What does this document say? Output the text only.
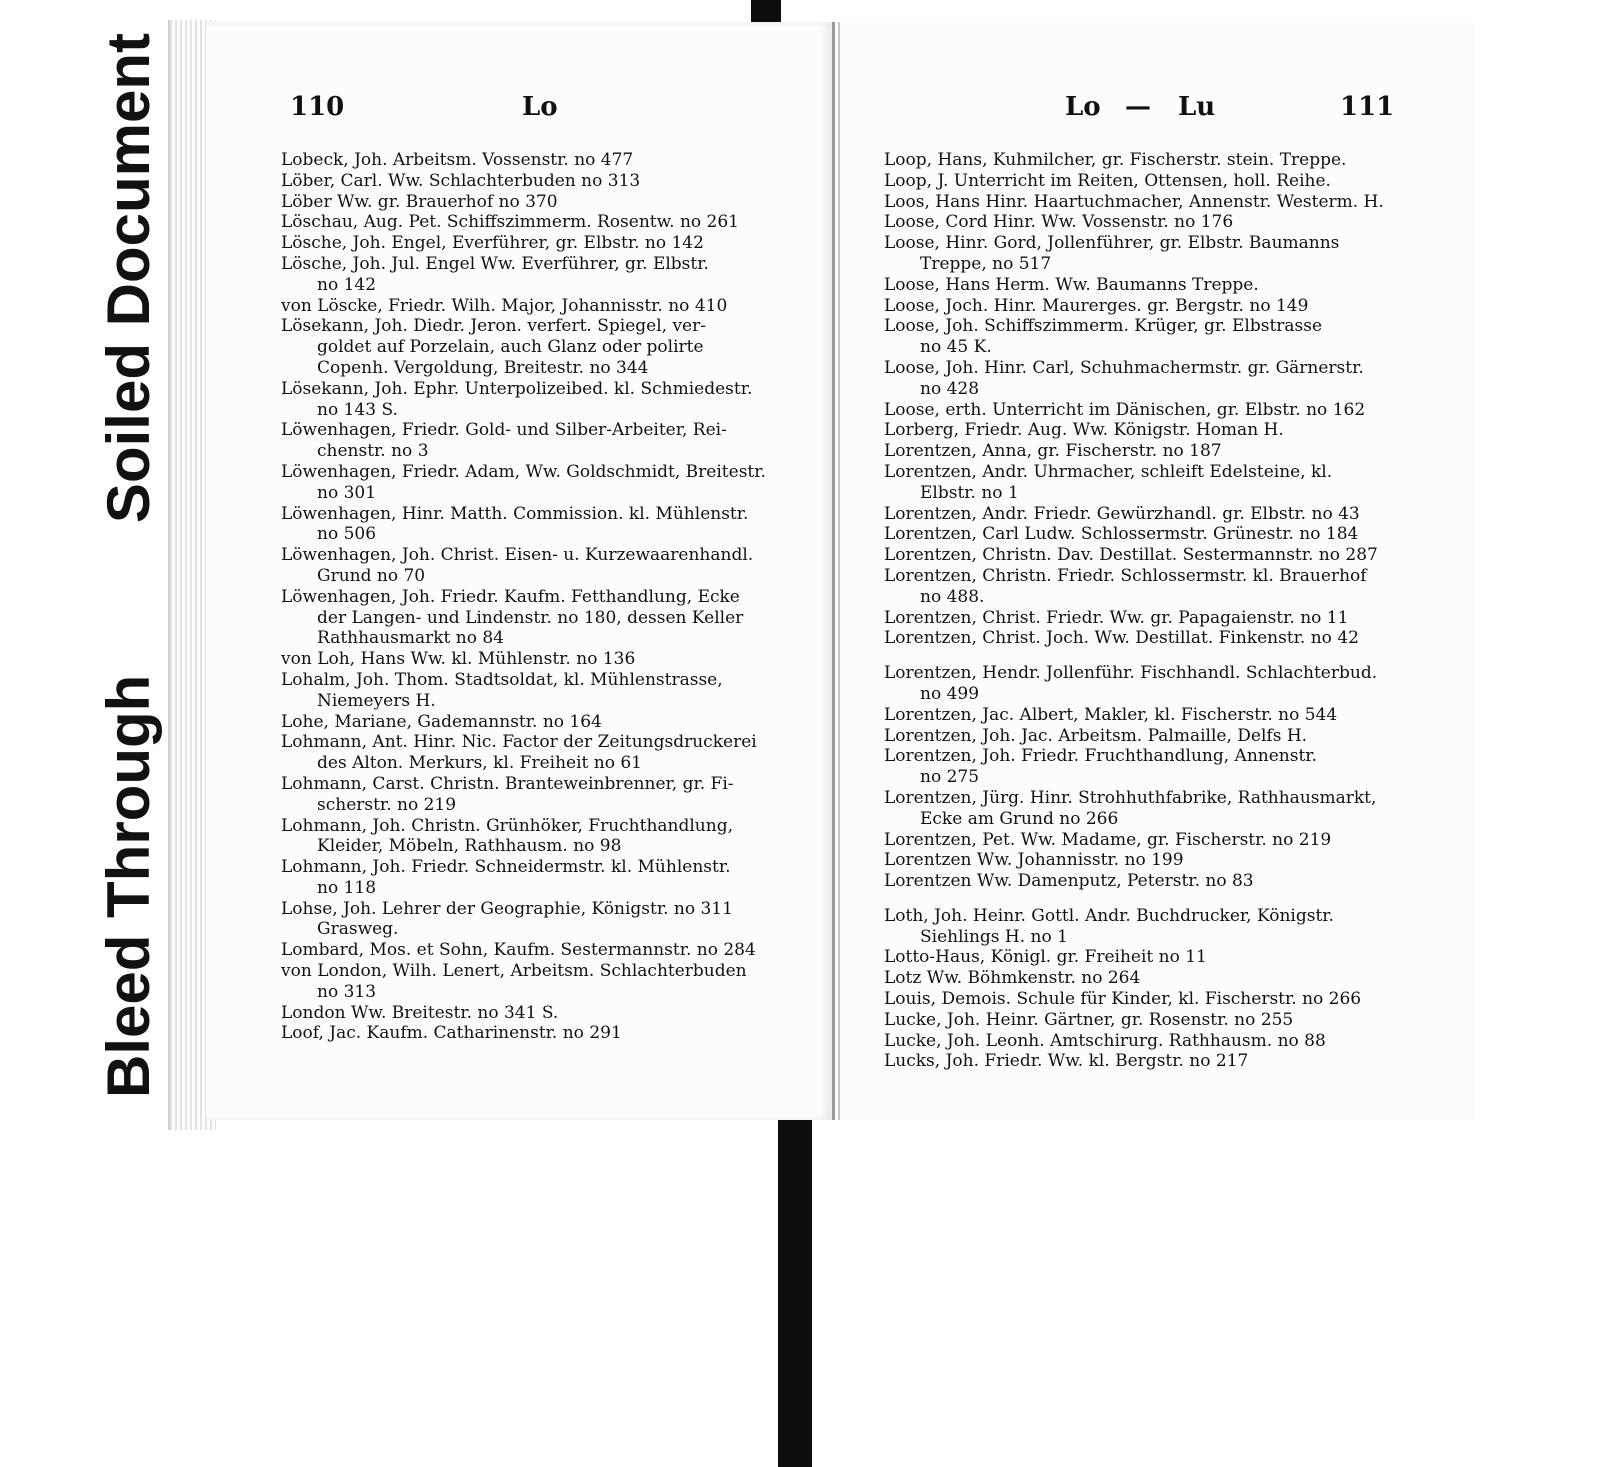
Bleed Through
Soiled Document	110	Lo
Lobeck, Joh. Arbeitsm. Vossenstr. no 477
Löber, Carl. Ww. Schlachterbuden no 313
Löber Ww. gr. Brauerhof no 370
Löschau, Aug. Pet. Schiffszimmerm. Rosentw. no 261
Lösche, Joh. Engel, Everführer, gr. Elbstr. no 142
Lösche, Joh. Jul. Engel Ww. Everführer, gr. Elbstr.
no 142
von Löscke, Friedr. Wilh. Major, Johannisstr. no 410
Lösekann, Joh. Diedr. Jeron. verfert. Spiegel, ver-
goldet auf Porzelain, auch Glanz oder polirte
Copenh. Vergoldung, Breitestr. no 344
Lösekann, Joh. Ephr. Unterpolizeibed. kl. Schmiedestr.
no 143 S.
Löwenhagen, Friedr. Gold- und Silber-Arbeiter, Rei-
chenstr. no 3
Löwenhagen, Friedr. Adam, Ww. Goldschmidt, Breitestr.
no 301
Löwenhagen, Hinr. Matth. Commission. kl. Mühlenstr.
no 506
Löwenhagen, Joh. Christ. Eisen- u. Kurzewaarenhandl.
Grund no 70
Löwenhagen, Joh. Friedr. Kaufm. Fetthandlung, Ecke
der Langen- und Lindenstr. no 180, dessen Keller
Rathhausmarkt no 84
von Loh, Hans Ww. kl. Mühlenstr. no 136
Lohalm, Joh. Thom. Stadtsoldat, kl. Mühlenstrasse,
Niemeyers H.
Lohe, Mariane, Gademannstr. no 164
Lohmann, Ant. Hinr. Nic. Factor der Zeitungsdruckerei
des Alton. Merkurs, kl. Freiheit no 61
Lohmann, Carst. Christn. Branteweinbrenner, gr. Fi-
scherstr. no 219
Lohmann, Joh. Christn. Grünhöker, Fruchthandlung,
Kleider, Möbeln, Rathhausm. no 98
Lohmann, Joh. Friedr. Schneidermstr. kl. Mühlenstr.
no 118
Lohse, Joh. Lehrer der Geographie, Königstr. no 311
Grasweg.
Lombard, Mos. et Sohn, Kaufm. Sestermannstr. no 284
von London, Wilh. Lenert, Arbeitsm. Schlachterbuden
no 313
London Ww. Breitestr. no 341 S.
Loof, Jac. Kaufm. Catharinenstr. no 291
Lo — Lu	111
Loop, Hans, Kuhmilcher, gr. Fischerstr. stein. Treppe.
Loop, J. Unterricht im Reiten, Ottensen, holl. Reihe.
Loos, Hans Hinr. Haartuchmacher, Annenstr. Westerm. H.
Loose, Cord Hinr. Ww. Vossenstr. no 176
Loose, Hinr. Gord, Jollenführer, gr. Elbstr. Baumanns
Treppe, no 517
Loose, Hans Herm. Ww. Baumanns Treppe.
Loose, Joch. Hinr. Maurerges. gr. Bergstr. no 149
Loose, Joh. Schiffszimmerm. Krüger, gr. Elbstrasse
no 45 K.
Loose, Joh. Hinr. Carl, Schuhmachermstr. gr. Gärnerstr.
no 428
Loose, erth. Unterricht im Dänischen, gr. Elbstr. no 162
Lorberg, Friedr. Aug. Ww. Königstr. Homan H.
Lorentzen, Anna, gr. Fischerstr. no 187
Lorentzen, Andr. Uhrmacher, schleift Edelsteine, kl.
Elbstr. no 1
Lorentzen, Andr. Friedr. Gewürzhandl. gr. Elbstr. no 43
Lorentzen, Carl Ludw. Schlossermstr. Grünestr. no 184
Lorentzen, Christn. Dav. Destillat. Sestermannstr. no 287
Lorentzen, Christn. Friedr. Schlossermstr. kl. Brauerhof
no 488.
Lorentzen, Christ. Friedr. Ww. gr. Papagaienstr. no 11
Lorentzen, Christ. Joch. Ww. Destillat. Finkenstr. no 42
Lorentzen, Hendr. Jollenführ. Fischhandl. Schlachterbud.
no 499
Lorentzen, Jac. Albert, Makler, kl. Fischerstr. no 544
Lorentzen, Joh. Jac. Arbeitsm. Palmaille, Delfs H.
Lorentzen, Joh. Friedr. Fruchthandlung, Annenstr.
no 275
Lorentzen, Jürg. Hinr. Strohhuthfabrike, Rathhausmarkt,
Ecke am Grund no 266
Lorentzen, Pet. Ww. Madame, gr. Fischerstr. no 219
Lorentzen Ww. Johannisstr. no 199
Lorentzen Ww. Damenputz, Peterstr. no 83
Loth, Joh. Heinr. Gottl. Andr. Buchdrucker, Königstr.
Siehlings H. no 1
Lotto-Haus, Königl. gr. Freiheit no 11
Lotz Ww. Böhmkenstr. no 264
Louis, Demois. Schule für Kinder, kl. Fischerstr. no 266
Lucke, Joh. Heinr. Gärtner, gr. Rosenstr. no 255
Lucke, Joh. Leonh. Amtschirurg. Rathhausm. no 88
Lucks, Joh. Friedr. Ww. kl. Bergstr. no 217
